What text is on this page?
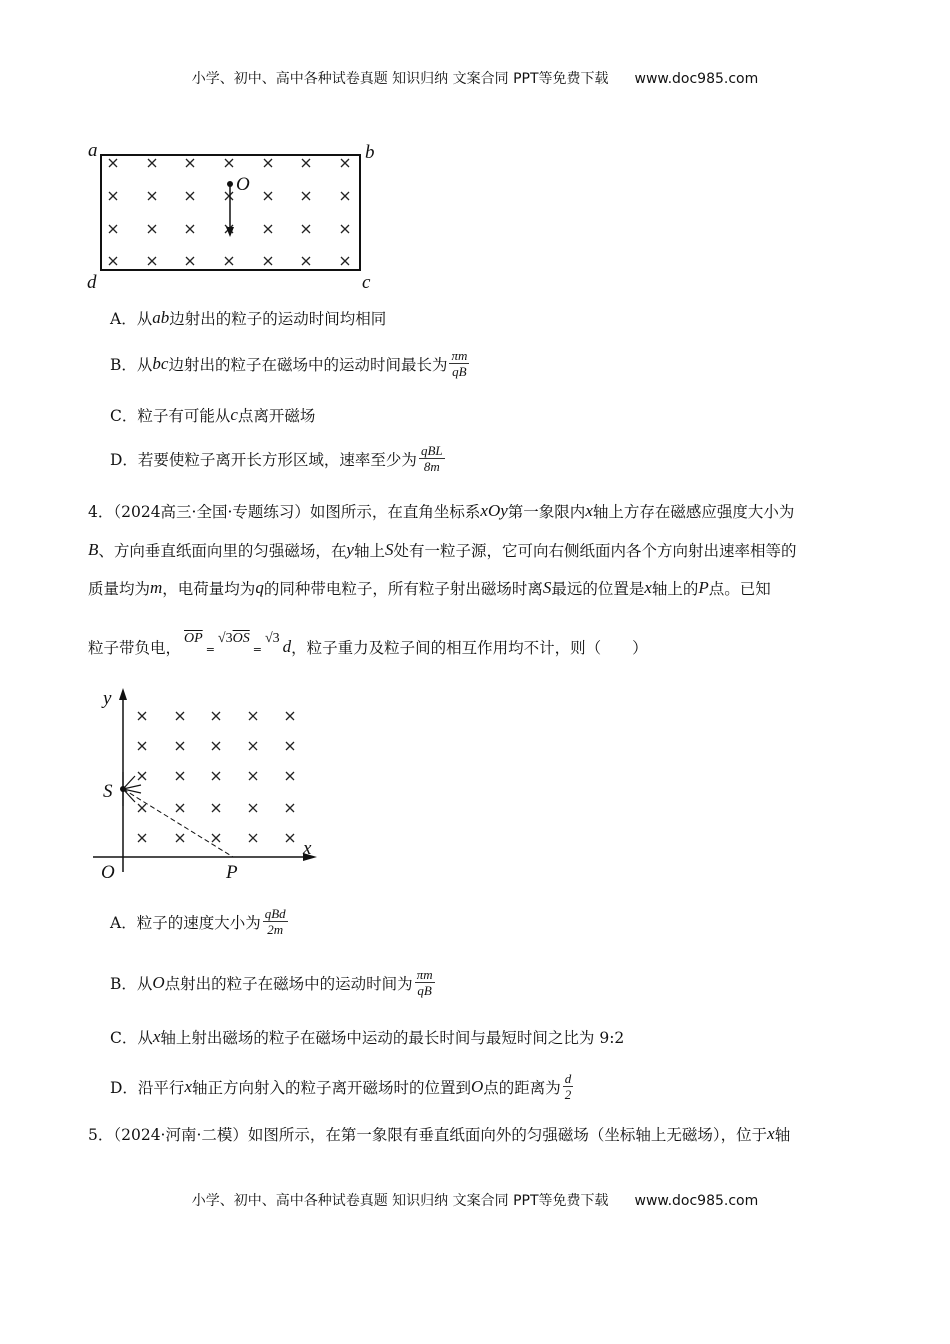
小学、初中、高中各种试卷真题 知识归纳 文案合同 PPT等免费下载 www.doc985.com
a	b
d	c
O
A．从 ab 边射出的粒子的运动时间均相同
B．从 bc 边射出的粒子在磁场中的运动时间最长为 $\frac{\pi m}{qB}$
C．粒子有可能从 c 点离开磁场
D．若要使粒子离开长方形区域，速率至少为 $\frac{\text{qBL}}{8m}$
4．（2024高三·全国·专题练习）如图所示，在直角坐标系 xOy 第一象限内 x 轴上方存在磁感应强度大小为
B 、方向垂直纸面向里的匀强磁场，在 y 轴上 S 处有一粒子源，它可向右侧纸面内各个方向射出速率相等的
质量均为 m ，电荷量均为 q 的同种带电粒子，所有粒子射出磁场时离 S 最远的位置是 x 轴上的 P 点。已知
粒子带负电，
$\overline{OP}$
=
$√3\overline{OS}$
=
√3 d ，粒子重力及粒子间的相互作用均不计，则（　　）
y
S
O	P
x
A．粒子的速度大小为 $\frac{\text{qBd}}{2m}$
B．从 O 点射出的粒子在磁场中的运动时间为 $\frac{\pi m}{qB}$
C．从 x 轴上射出磁场的粒子在磁场中运动的最长时间与最短时间之比为 9:2
D．沿平行 x 轴正方向射入的粒子离开磁场时的位置到 O 点的距离为 $\frac{d}{2}$
5．（2024·河南·二模）如图所示，在第一象限有垂直纸面向外的匀强磁场（坐标轴上无磁场），位于 x 轴
小学、初中、高中各种试卷真题 知识归纳 文案合同 PPT等免费下载 www.doc985.com
